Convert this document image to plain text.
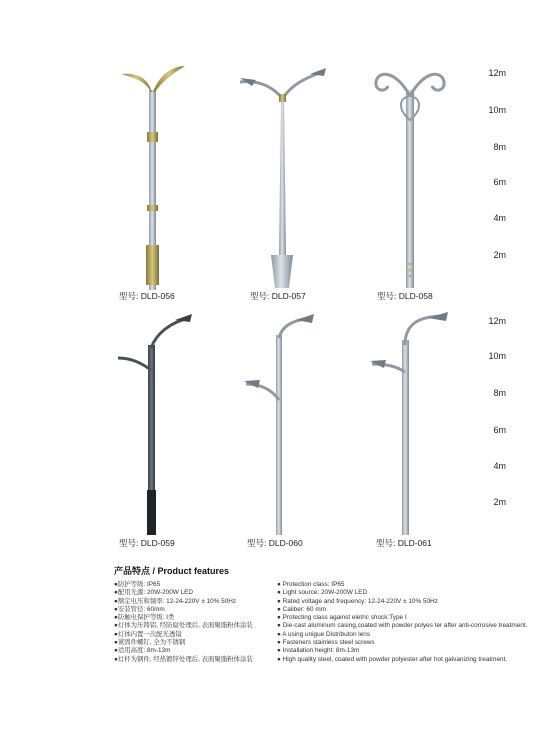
12m
10m
8m
6m
4m
2m
12m
10m
8m
6m
4m
2m
型号: DLD-056	型号: DLD-057	型号: DLD-058
型号: DLD-059	型号: DLD-060	型号: DLD-061
产品特点 / Product features
●防护等级: IP65
●配用光源: 20W-200W LED
●额定电压和频率: 12-24-220V ± 10% 50Hz
●安装管径: 60mm
●防触电保护等级: Ⅰ类
●灯体为压铸铝, 经防腐处理后, 表面聚脂粉体涂装
●灯体内置一次配光透镜
●紧固件螺钉, 全为不锈钢
●适用高度: 8m-13m
●灯杆为钢件, 经热镀锌处理后, 表面聚脂粉体涂装
● Protection class: IP65
● Light source: 20W-200W LED
● Rated voltage and frequency: 12-24-220V ± 10% 50Hz
● Caliber: 60 mm
● Protecting class against eletric shock:Type Ⅰ
● Die-cast aluminum casing,coated with powder polyes ter after anti-corrosive treatment.
● A using unigue Distributon lens
● Fasteners stainless steel screws
● Installation height: 8m-13m
● High quality steel, coated with powder polyester after hot galvanizing treatment.
